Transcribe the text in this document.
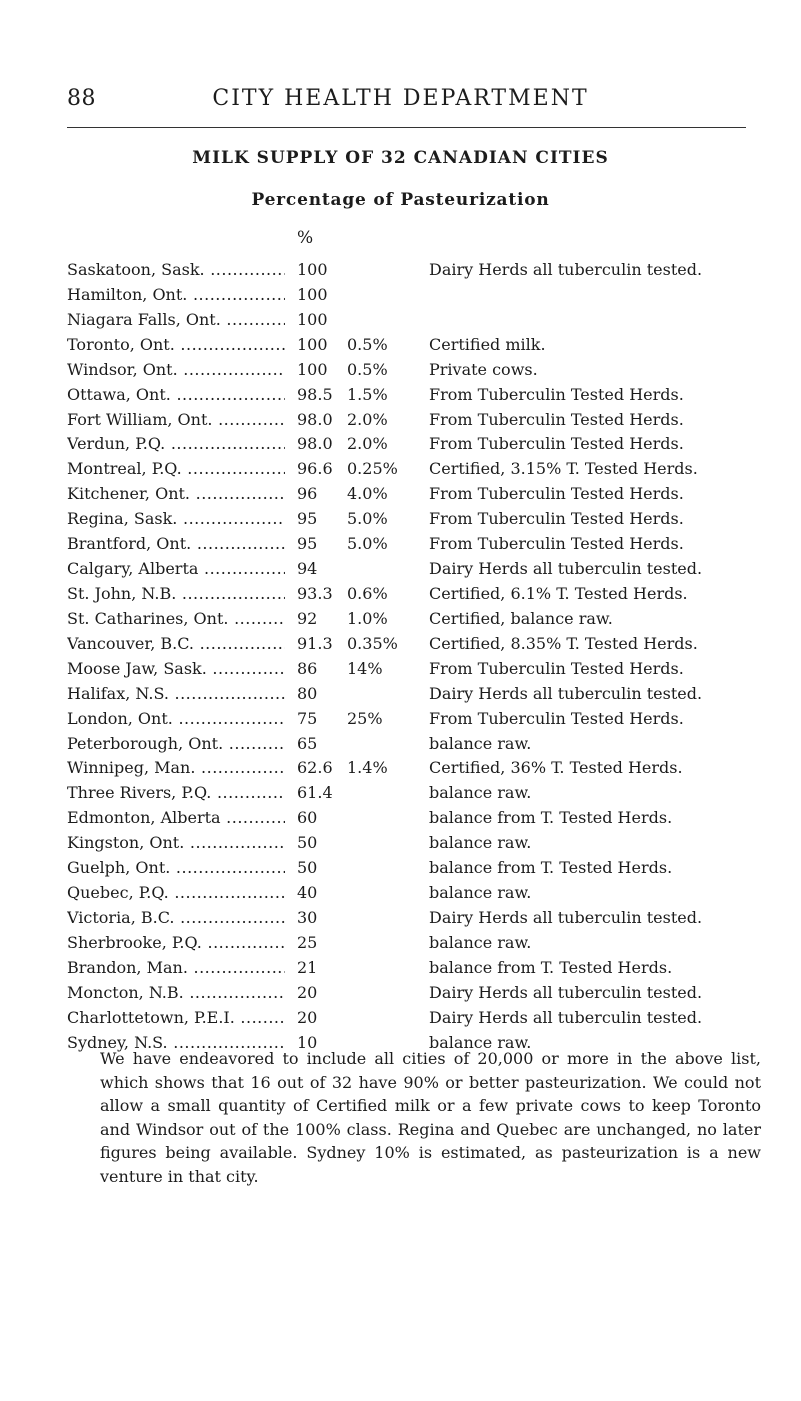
88	CITY HEALTH DEPARTMENT
MILK SUPPLY OF 32 CANADIAN CITIES
Percentage of Pasteurization
%
Saskatoon, Sask. .....	100	Dairy Herds all tuberculin tested.
Hamilton, Ont. .....	100
Niagara Falls, Ont. .....	100
Toronto, Ont. .....	100	0.5%	Certified milk.
Windsor, Ont. .....	100	0.5%	Private cows.
Ottawa, Ont. .....	98.5 1.5%	From Tuberculin Tested Herds.
Fort William, Ont. .....	98.0 2.0%	From Tuberculin Tested Herds.
Verdun, P.Q. .....	98.0 2.0%	From Tuberculin Tested Herds.
Montreal, P.Q. .....	96.6 0.25%	Certified, 3.15% T. Tested Herds.
Kitchener, Ont. .....	96	4.0%	From Tuberculin Tested Herds.
Regina, Sask. .....	95	5.0%	From Tuberculin Tested Herds.
Brantford, Ont. .....	95	5.0%	From Tuberculin Tested Herds.
Calgary, Alberta .....	94	Dairy Herds all tuberculin tested.
St. John, N.B. .....	93.3 0.6%	Certified, 6.1% T. Tested Herds.
St. Catharines, Ont. .....	92	1.0%	Certified, balance raw.
Vancouver, B.C. .....	91.3 0.35%	Certified, 8.35% T. Tested Herds.
Moose Jaw, Sask. .....	86	14%	From Tuberculin Tested Herds.
Halifax, N.S. .....	80	Dairy Herds all tuberculin tested.
London, Ont. .....	75	25%	From Tuberculin Tested Herds.
Peterborough, Ont. .....	65	balance raw.
Winnipeg, Man. .....	62.6 1.4%	Certified, 36% T. Tested Herds.
Three Rivers, P.Q. .....	61.4	balance raw.
Edmonton, Alberta .....	60	balance from T. Tested Herds.
Kingston, Ont. .....	50	balance raw.
Guelph, Ont. .....	50	balance from T. Tested Herds.
Quebec, P.Q. .....	40	balance raw.
Victoria, B.C. .....	30	Dairy Herds all tuberculin tested.
Sherbrooke, P.Q. .....	25	balance raw.
Brandon, Man. .....	21	balance from T. Tested Herds.
Moncton, N.B. .....	20	Dairy Herds all tuberculin tested.
Charlottetown, P.E.I. .....	20	Dairy Herds all tuberculin tested.
Sydney, N.S. .....	10	balance raw.
We have endeavored to include all cities of 20,000 or more in the above list, which shows that 16 out of 32 have 90% or better pasteurization. We could not allow a small quantity of Certified milk or a few private cows to keep Toronto and Windsor out of the 100% class. Regina and Quebec are unchanged, no later figures being available. Sydney 10% is estimated, as pasteurization is a new venture in that city.
